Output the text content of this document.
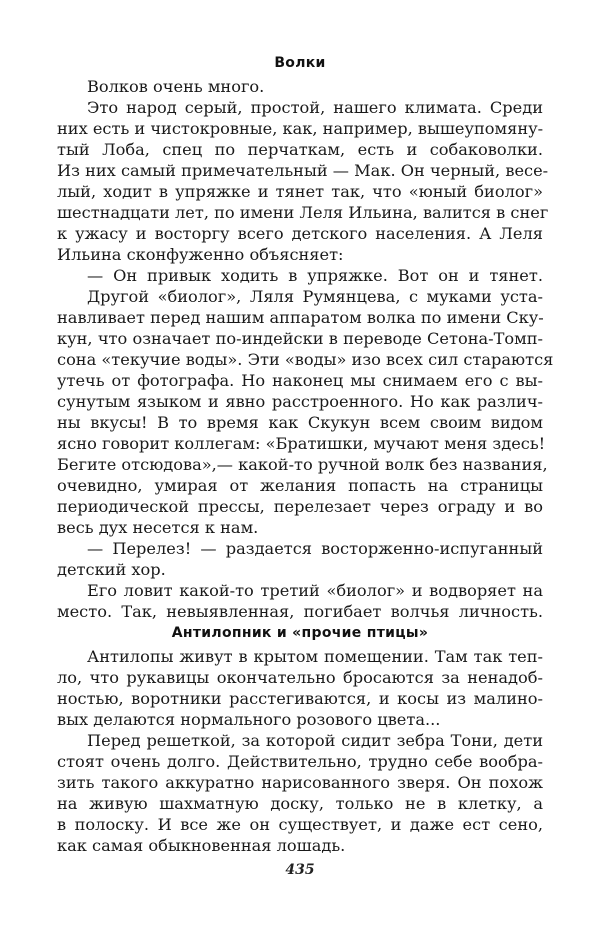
Волки
Волков очень много.
Это народ серый, простой, нашего климата. Среди
них есть и чистокровные, как, например, вышеупомяну-
тый Лоба, спец по перчаткам, есть и собаковолки.
Из них самый примечательный — Мак. Он черный, весе-
лый, ходит в упряжке и тянет так, что «юный биолог»
шестнадцати лет, по имени Леля Ильина, валится в снег
к ужасу и восторгу всего детского населения. А Леля
Ильина сконфуженно объясняет:
— Он привык ходить в упряжке. Вот он и тянет.
Другой «биолог», Ляля Румянцева, с муками уста-
навливает перед нашим аппаратом волка по имени Ску-
кун, что означает по-индейски в переводе Сетона-Томп-
сона «текучие воды». Эти «воды» изо всех сил стараются
утечь от фотографа. Но наконец мы снимаем его с вы-
сунутым языком и явно расстроенного. Но как различ-
ны вкусы! В то время как Скукун всем своим видом
ясно говорит коллегам: «Братишки, мучают меня здесь!
Бегите отсюдова»,— какой-то ручной волк без названия,
очевидно, умирая от желания попасть на страницы
периодической прессы, перелезает через ограду и во
весь дух несется к нам.
— Перелез! — раздается восторженно-испуганный
детский хор.
Его ловит какой-то третий «биолог» и водворяет на
место. Так, невыявленная, погибает волчья личность.
Антилопник и «прочие птицы»
Антилопы живут в крытом помещении. Там так теп-
ло, что рукавицы окончательно бросаются за ненадоб-
ностью, воротники расстегиваются, и косы из малино-
вых делаются нормального розового цвета...
Перед решеткой, за которой сидит зебра Тони, дети
стоят очень долго. Действительно, трудно себе вообра-
зить такого аккуратно нарисованного зверя. Он похож
на живую шахматную доску, только не в клетку, а
в полоску. И все же он существует, и даже ест сено,
как самая обыкновенная лошадь.
435
